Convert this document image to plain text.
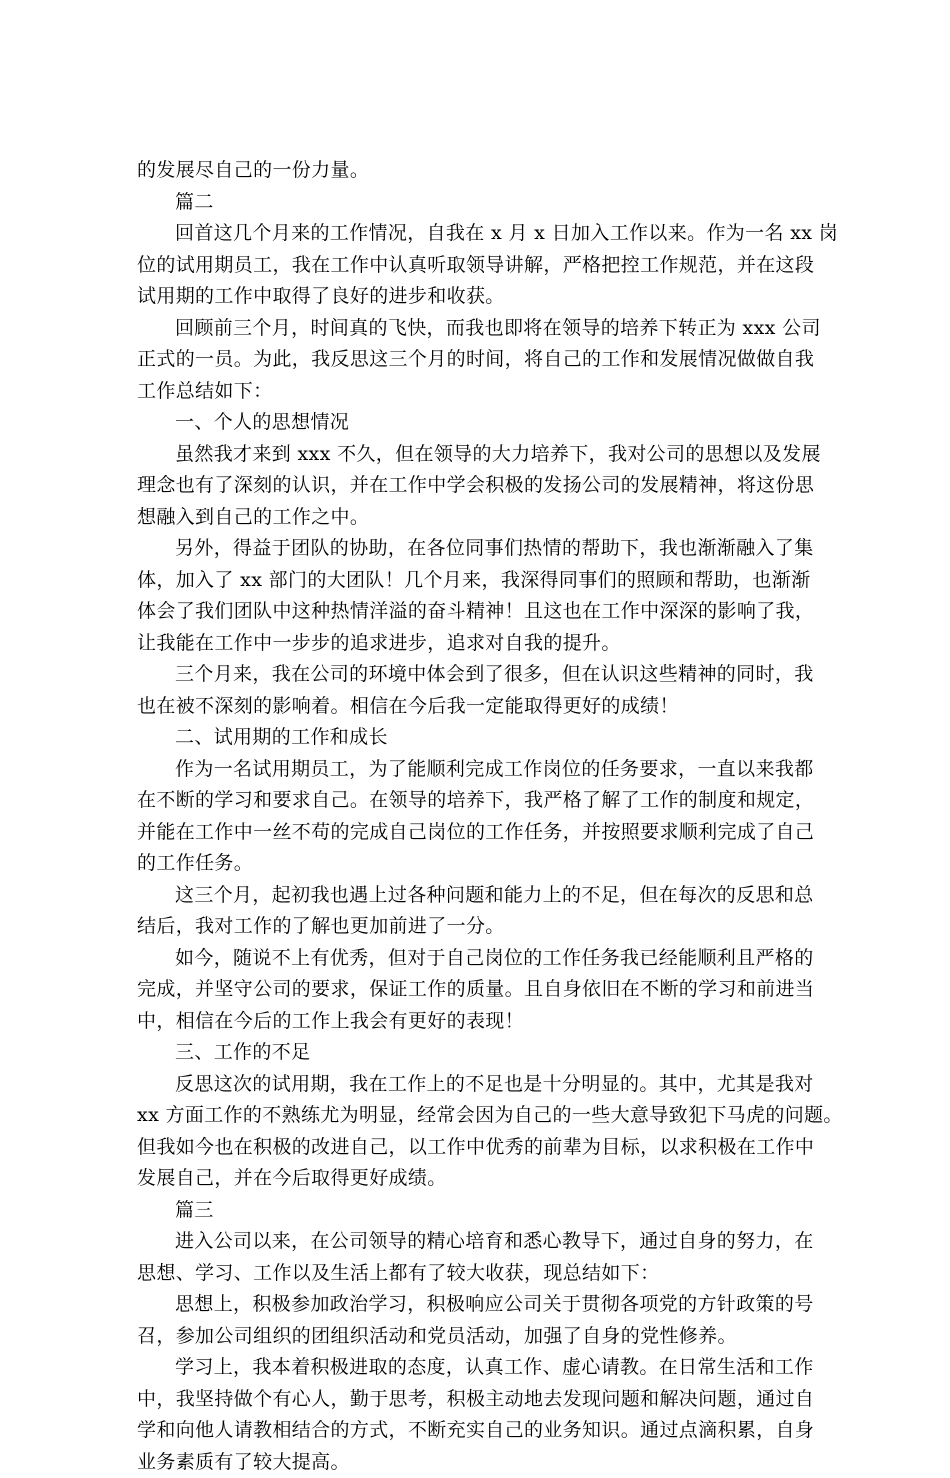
的发展尽自己的一份力量。
篇二
回首这几个月来的工作情况，自我在 x 月 x 日加入工作以来。作为一名 xx 岗
位的试用期员工，我在工作中认真听取领导讲解，严格把控工作规范，并在这段
试用期的工作中取得了良好的进步和收获。
回顾前三个月，时间真的飞快，而我也即将在领导的培养下转正为 xxx 公司
正式的一员。为此，我反思这三个月的时间，将自己的工作和发展情况做做自我
工作总结如下：
一、个人的思想情况
虽然我才来到 xxx 不久，但在领导的大力培养下，我对公司的思想以及发展
理念也有了深刻的认识，并在工作中学会积极的发扬公司的发展精神，将这份思
想融入到自己的工作之中。
另外，得益于团队的协助，在各位同事们热情的帮助下，我也渐渐融入了集
体，加入了 xx 部门的大团队！几个月来，我深得同事们的照顾和帮助，也渐渐
体会了我们团队中这种热情洋溢的奋斗精神！且这也在工作中深深的影响了我，
让我能在工作中一步步的追求进步，追求对自我的提升。
三个月来，我在公司的环境中体会到了很多，但在认识这些精神的同时，我
也在被不深刻的影响着。相信在今后我一定能取得更好的成绩！
二、试用期的工作和成长
作为一名试用期员工，为了能顺利完成工作岗位的任务要求，一直以来我都
在不断的学习和要求自己。在领导的培养下，我严格了解了工作的制度和规定，
并能在工作中一丝不苟的完成自己岗位的工作任务，并按照要求顺利完成了自己
的工作任务。
这三个月，起初我也遇上过各种问题和能力上的不足，但在每次的反思和总
结后，我对工作的了解也更加前进了一分。
如今，随说不上有优秀，但对于自己岗位的工作任务我已经能顺利且严格的
完成，并坚守公司的要求，保证工作的质量。且自身依旧在不断的学习和前进当
中，相信在今后的工作上我会有更好的表现！
三、工作的不足
反思这次的试用期，我在工作上的不足也是十分明显的。其中，尤其是我对
xx 方面工作的不熟练尤为明显，经常会因为自己的一些大意导致犯下马虎的问题。
但我如今也在积极的改进自己，以工作中优秀的前辈为目标，以求积极在工作中
发展自己，并在今后取得更好成绩。
篇三
进入公司以来，在公司领导的精心培育和悉心教导下，通过自身的努力，在
思想、学习、工作以及生活上都有了较大收获，现总结如下：
思想上，积极参加政治学习，积极响应公司关于贯彻各项党的方针政策的号
召，参加公司组织的团组织活动和党员活动，加强了自身的党性修养。
学习上，我本着积极进取的态度，认真工作、虚心请教。在日常生活和工作
中，我坚持做个有心人，勤于思考，积极主动地去发现问题和解决问题，通过自
学和向他人请教相结合的方式，不断充实自己的业务知识。通过点滴积累，自身
业务素质有了较大提高。
